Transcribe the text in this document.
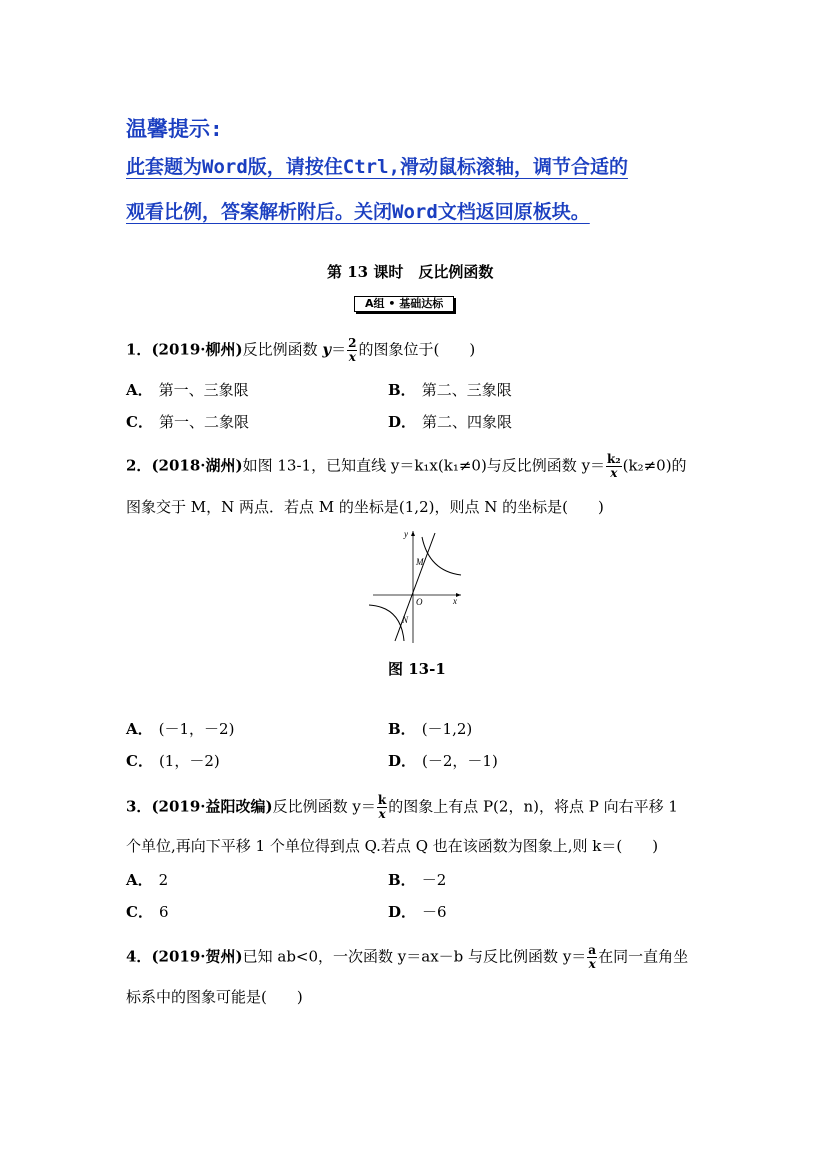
温馨提示:
此套题为Word版，请按住Ctrl,滑动鼠标滚轴，调节合适的
观看比例，答案解析附后。关闭Word文档返回原板块。
第 13 课时　反比例函数
A组 • 基础达标
1．(2019·柳州)反比例函数 $y= \frac{2}{x}$ 的图象位于(　　)
A． 第一、三象限	B． 第二、三象限
C． 第一、二象限	D． 第二、四象限
2．(2018·湖州)如图 13-1，已知直线 y＝k₁x(k₁≠0)与反比例函数 $y= \frac{\text{k₂}}{x} (k_2\ne 0)$的
图象交于 M，N 两点．若点 M 的坐标是(1,2)，则点 N 的坐标是(　　)
y
x
O
M
N
图 13-1
A． (－1，－2)	B． (－1,2)
C． (1，－2)	D． (－2，－1)
3．(2019·益阳改编)反比例函数 $y= \frac{k}{x}$ 的图象上有点 P(2，n)，将点 P 向右平移 1
个单位,再向下平移 1 个单位得到点 Q.若点 Q 也在该函数为图象上,则 k＝(　　)
A． 2	B． －2
C． 6	D． －6
4．(2019·贺州)已知 ab<0，一次函数 y＝ax－b 与反比例函数 $y= \frac{a}{x}$ 在同一直角坐
标系中的图象可能是(　　)
